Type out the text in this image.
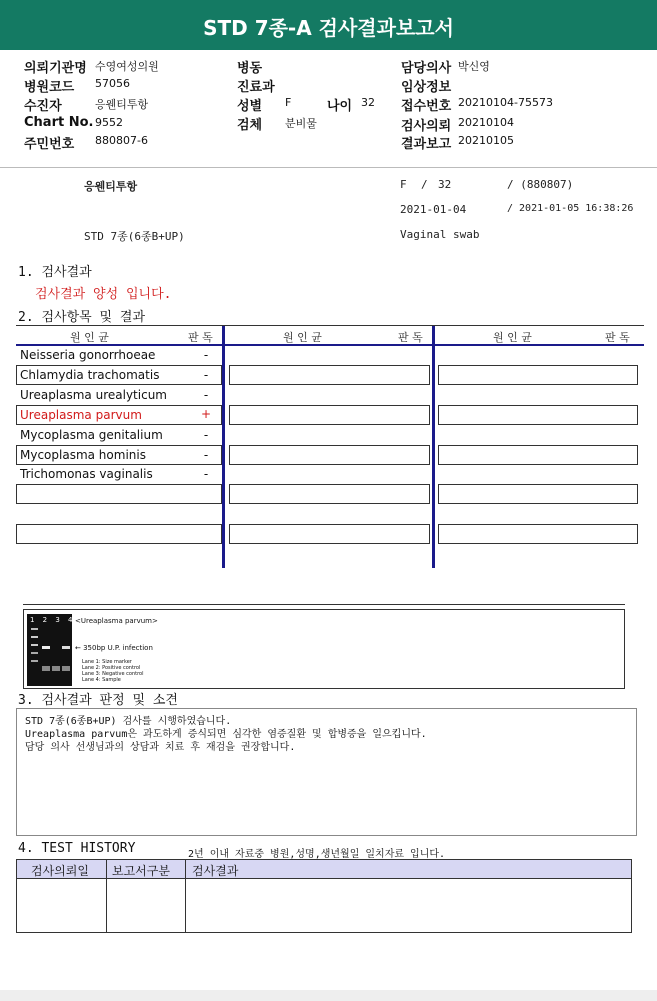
STD 7종-A 검사결과보고서
의뢰기관명 수영여성의원
병원코드 57056
수진자	응웬티투항
Chart No. 9552
주민번호 880807-6
병동
진료과
성별 F	나이 32
검체 분비물
담당의사 박신영
임상정보
접수번호 20210104-75573
검사의뢰 20210104
결과보고 20210105
응웬티투항	F / 32	/ (880807)
2021-01-04	/ 2021-01-05 16:38:26
STD 7종(6종B+UP)	Vaginal swab
1. 검사결과
검사결과 양성 입니다.
2. 검사항목 및 결과
원 인 균	판 독	원 인 균	판 독	원 인 균	판 독
Neisseria gonorrhoeae	-
Chlamydia trachomatis	-
Ureaplasma urealyticum	-
Ureaplasma parvum	+
Mycoplasma genitalium	-
Mycoplasma hominis	-
Trichomonas vaginalis	-
1 2 3 4 <Ureaplasma parvum>
← 350bp U.P. infection
Lane 1: Size marker
Lane 2: Positive control
Lane 3: Negative control
Lane 4: Sample
3. 검사결과 판정 및 소견
STD 7종(6종B+UP) 검사를 시행하였습니다.
Ureaplasma parvum은 과도하게 증식되면 심각한 염증질환 및 합병증을 일으킵니다.
담당 의사 선생님과의 상담과 치료 후 재검을 권장합니다.
4. TEST HISTORY	2년 이내 자료중 병원,성명,생년월일 일치자료 입니다.
검사의뢰일 보고서구분 검사결과
